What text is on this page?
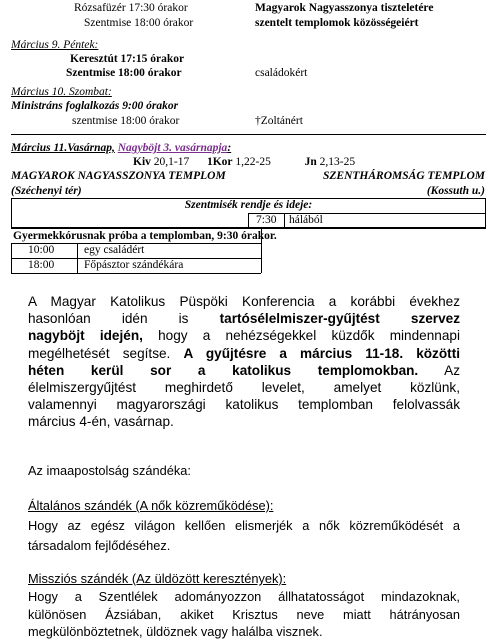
Rózsafüzér 17:30 órakor	Magyarok Nagyasszonya tiszteletére
Szentmise 18:00 órakor	szentelt templomok közösségeiért
Március 9. Péntek:
Keresztút 17:15 órakor
Szentmise 18:00 órakor	családokért
Március 10. Szombat:
Ministráns foglalkozás 9:00 órakor
szentmise 18:00 órakor	†Zoltánért
Március 11.Vasárnap, Nagyböjt 3. vasárnapja:
Kiv 20,1-17 1Kor 1,22-25	Jn 2,13-25
MAGYAROK NAGYASSZONYA TEMPLOM	SZENTHÁROMSÁG TEMPLOM
(Széchenyi tér)	(Kossuth u.)
Szentmisék rendje és ideje:
7:30 hálából
Gyermekkórusnak próba a templomban, 9:30 órakor.
10:00	egy családért
18:00	Főpásztor szándékára
A Magyar Katolikus Püspöki Konferencia a korábbi évekhez
hasonlóan idén is tartósélelmiszer-gyűjtést szervez
nagyböjt idején, hogy a nehézségekkel küzdők mindennapi
megélhetését segítse. A gyűjtésre a március 11-18. közötti
héten kerül sor a katolikus templomokban. Az
élelmiszergyűjtést meghirdető levelet, amelyet közlünk,
valamennyi magyarországi katolikus templomban felolvassák
március 4-én, vasárnap.
Az imaapostolság szándéka:
Általános szándék (A nők közreműködése):
Hogy az egész világon kellően elismerjék a nők közreműködését a
társadalom fejlődéséhez.
Missziós szándék (Az üldözött keresztények):
Hogy a Szentlélek adományozzon állhatatosságot mindazoknak,
különösen Ázsiában, akiket Krisztus neve miatt hátrányosan
megkülönböztetnek, üldöznek vagy halálba visznek.
